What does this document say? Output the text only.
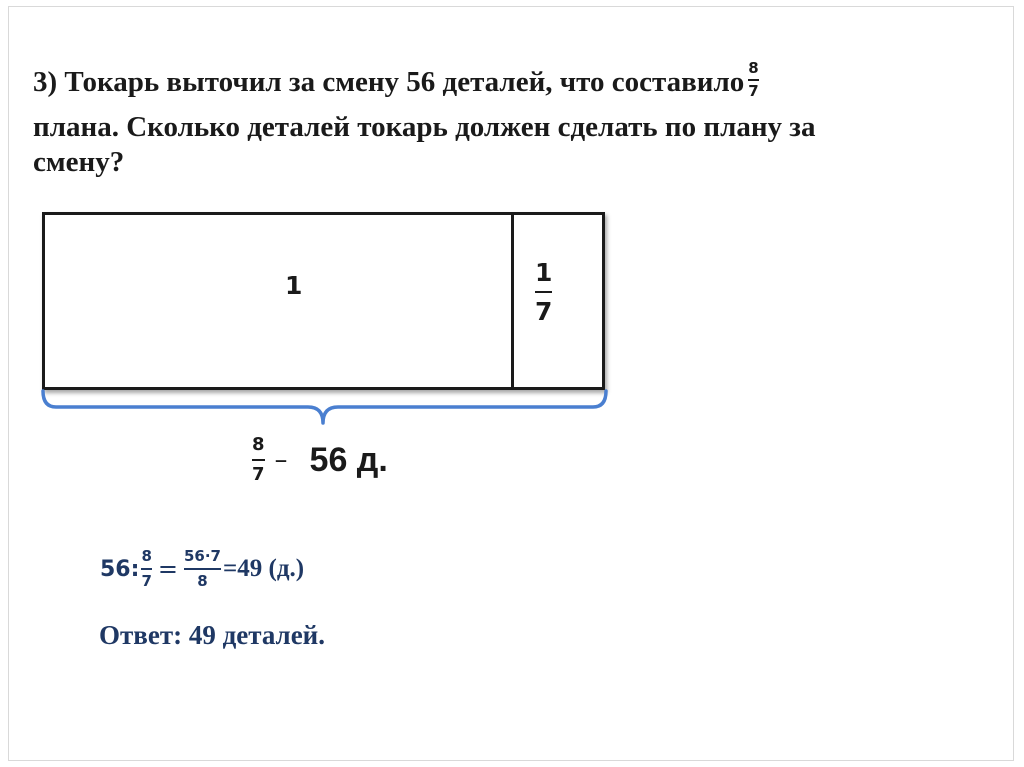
3) Токарь выточил за смену 56 деталей, что составило $\frac{8}{7}$
плана. Сколько деталей токарь должен сделать по плану за
смену?
1	1
7
$\frac{8}{7} - 56$ д.
56 : $\frac{8}{7} = \frac{56\cdot 7}{8} =49$ (д.)
Ответ: 49 деталей.
